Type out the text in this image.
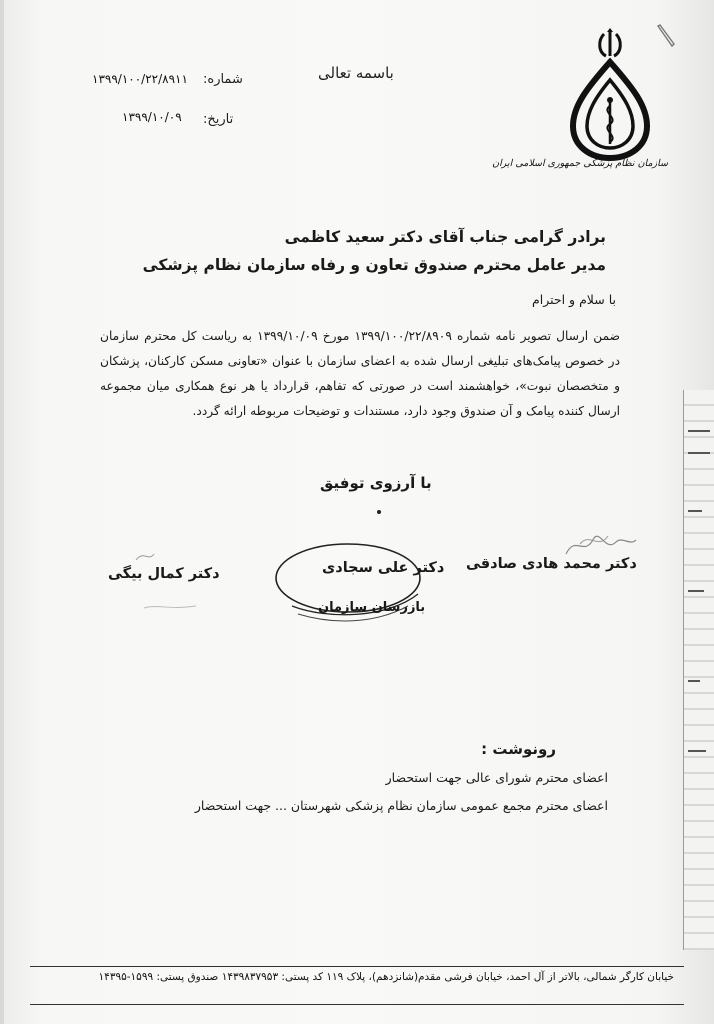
سازمان نظام پزشکی جمهوری اسلامی ایران
باسمه تعالی
شماره:
۱۳۹۹/۱۰۰/۲۲/۸۹۱۱
تاریخ:
۱۳۹۹/۱۰/۰۹
برادر گرامی جناب آقای دکتر سعید کاظمی
مدیر عامل محترم صندوق تعاون و رفاه سازمان نظام پزشکی
با سلام و احترام
ضمن ارسال تصویر نامه شماره ۱۳۹۹/۱۰۰/۲۲/۸۹۰۹ مورخ ۱۳۹۹/۱۰/۰۹ به ریاست کل محترم سازمان در خصوص پیامک‌های تبلیغی ارسال شده به اعضای سازمان با عنوان «تعاونی مسکن کارکنان، پزشکان و متخصصان نبوت»، خواهشمند است در صورتی که تفاهم، قرارداد یا هر نوع همکاری میان مجموعه ارسال کننده پیامک و آن صندوق وجود دارد، مستندات و توضیحات مربوطه ارائه گردد.
با آرزوی توفیق
دکتر محمد هادی صادقی
دکتر علی سجادی
بازرسان سازمان
دکتر کمال بیگی
رونوشت :
اعضای محترم شورای عالی جهت استحضار
اعضای محترم مجمع عمومی سازمان نظام پزشکی شهرستان ... جهت استحضار
خیابان کارگر شمالی، بالاتر از آل احمد، خیابان فرشی مقدم(شانزدهم)، پلاک ۱۱۹ کد پستی: ۱۴۳۹۸۳۷۹۵۳ صندوق پستی: ۱۵۹۹-۱۴۳۹۵
